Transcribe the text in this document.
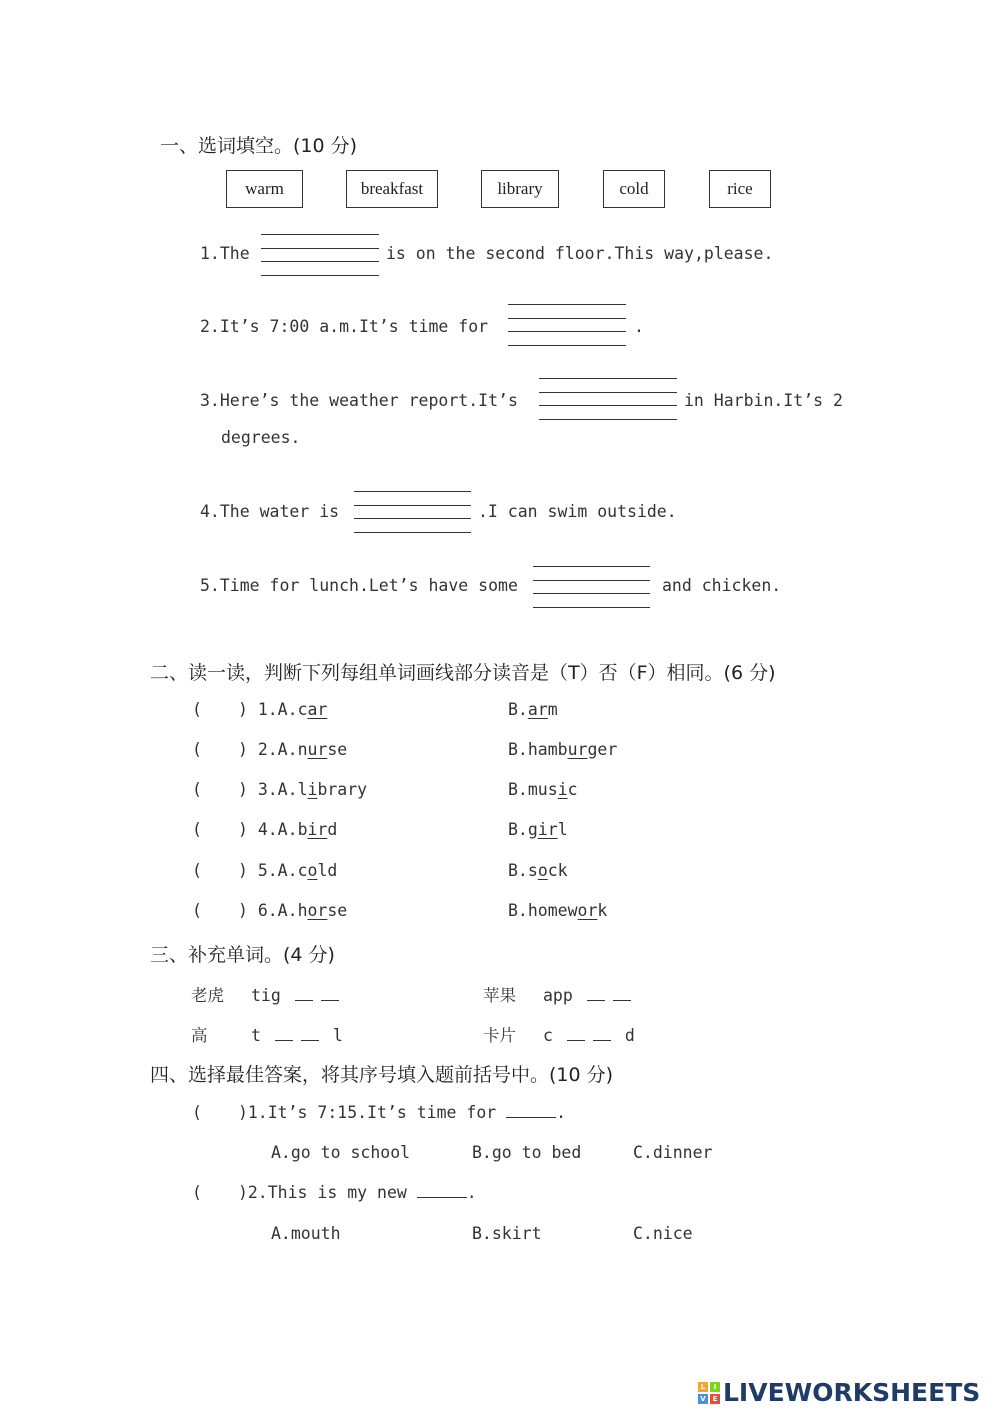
一、选词填空。(10 分)
warm	breakfast	library	cold	rice
1.The	is on the second floor.This way,please.
2.It’s 7:00 a.m.It’s time for	.
3.Here’s the weather report.It’s	in Harbin.It’s 2
degrees.
4.The water is	.I can swim outside.
5.Time for lunch.Let’s have some	and chicken.
二、读一读，判断下列每组单词画线部分读音是（T）否（F）相同。(6 分)
( ) 1.A.car	B.arm
( ) 2.A.nurse	B.hamburger
( ) 3.A.library	B.music
( ) 4.A.bird	B.girl
( ) 5.A.cold	B.sock
( ) 6.A.horse	B.homework
三、补充单词。(4 分)
老虎 tig	苹果 app
高	t	l	卡片 c	d
四、选择最佳答案，将其序号填入题前括号中。(10 分)
( )1.It’s 7:15.It’s time for	.
A.go to school	B.go to bed	C.dinner
( )2.This is my new	.
A.mouth	B.skirt	C.nice
L	I
V E LIVEWORKSHEETS
